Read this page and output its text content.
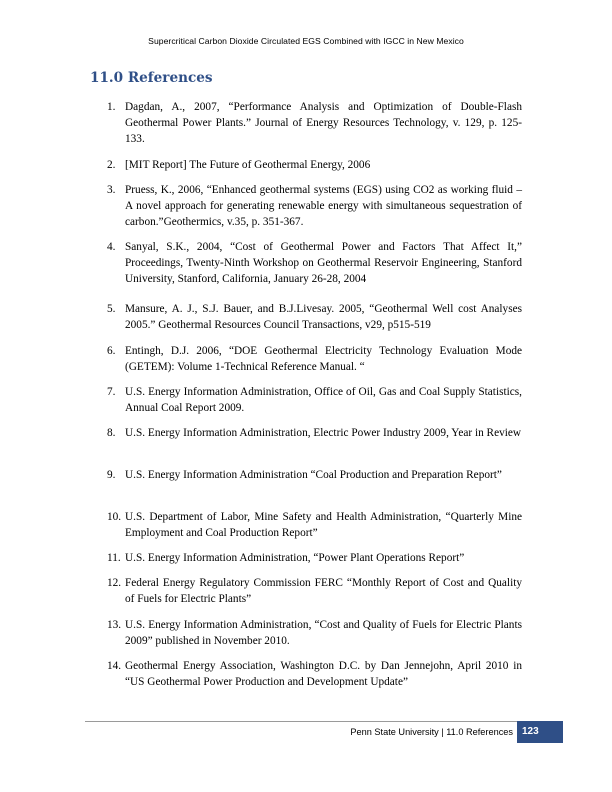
Supercritical Carbon Dioxide Circulated EGS Combined with IGCC in New Mexico
11.0 References
1. Dagdan, A., 2007, “Performance Analysis and Optimization of Double-Flash Geothermal Power Plants.” Journal of Energy Resources Technology, v. 129, p. 125-133.
2. [MIT Report] The Future of Geothermal Energy, 2006
3. Pruess, K., 2006, “Enhanced geothermal systems (EGS) using CO2 as working fluid – A novel approach for generating renewable energy with simultaneous sequestration of carbon.”Geothermics, v.35, p. 351-367.
4. Sanyal, S.K., 2004, “Cost of Geothermal Power and Factors That Affect It,” Proceedings, Twenty-Ninth Workshop on Geothermal Reservoir Engineering, Stanford University, Stanford, California, January 26-28, 2004
5. Mansure, A. J., S.J. Bauer, and B.J.Livesay. 2005, “Geothermal Well cost Analyses 2005.” Geothermal Resources Council Transactions, v29, p515-519
6. Entingh, D.J. 2006, “DOE Geothermal Electricity Technology Evaluation Mode (GETEM): Volume 1-Technical Reference Manual. “
7. U.S. Energy Information Administration, Office of Oil, Gas and Coal Supply Statistics, Annual Coal Report 2009.
8. U.S. Energy Information Administration, Electric Power Industry 2009, Year in Review
9. U.S. Energy Information Administration “Coal Production and Preparation Report”
10. U.S. Department of Labor, Mine Safety and Health Administration, “Quarterly Mine Employment and Coal Production Report”
11. U.S. Energy Information Administration, “Power Plant Operations Report”
12. Federal Energy Regulatory Commission FERC “Monthly Report of Cost and Quality of Fuels for Electric Plants”
13. U.S. Energy Information Administration, “Cost and Quality of Fuels for Electric Plants 2009” published in November 2010.
14. Geothermal Energy Association, Washington D.C. by Dan Jennejohn, April 2010 in “US Geothermal Power Production and Development Update”
Penn State University | 11.0 References 123
